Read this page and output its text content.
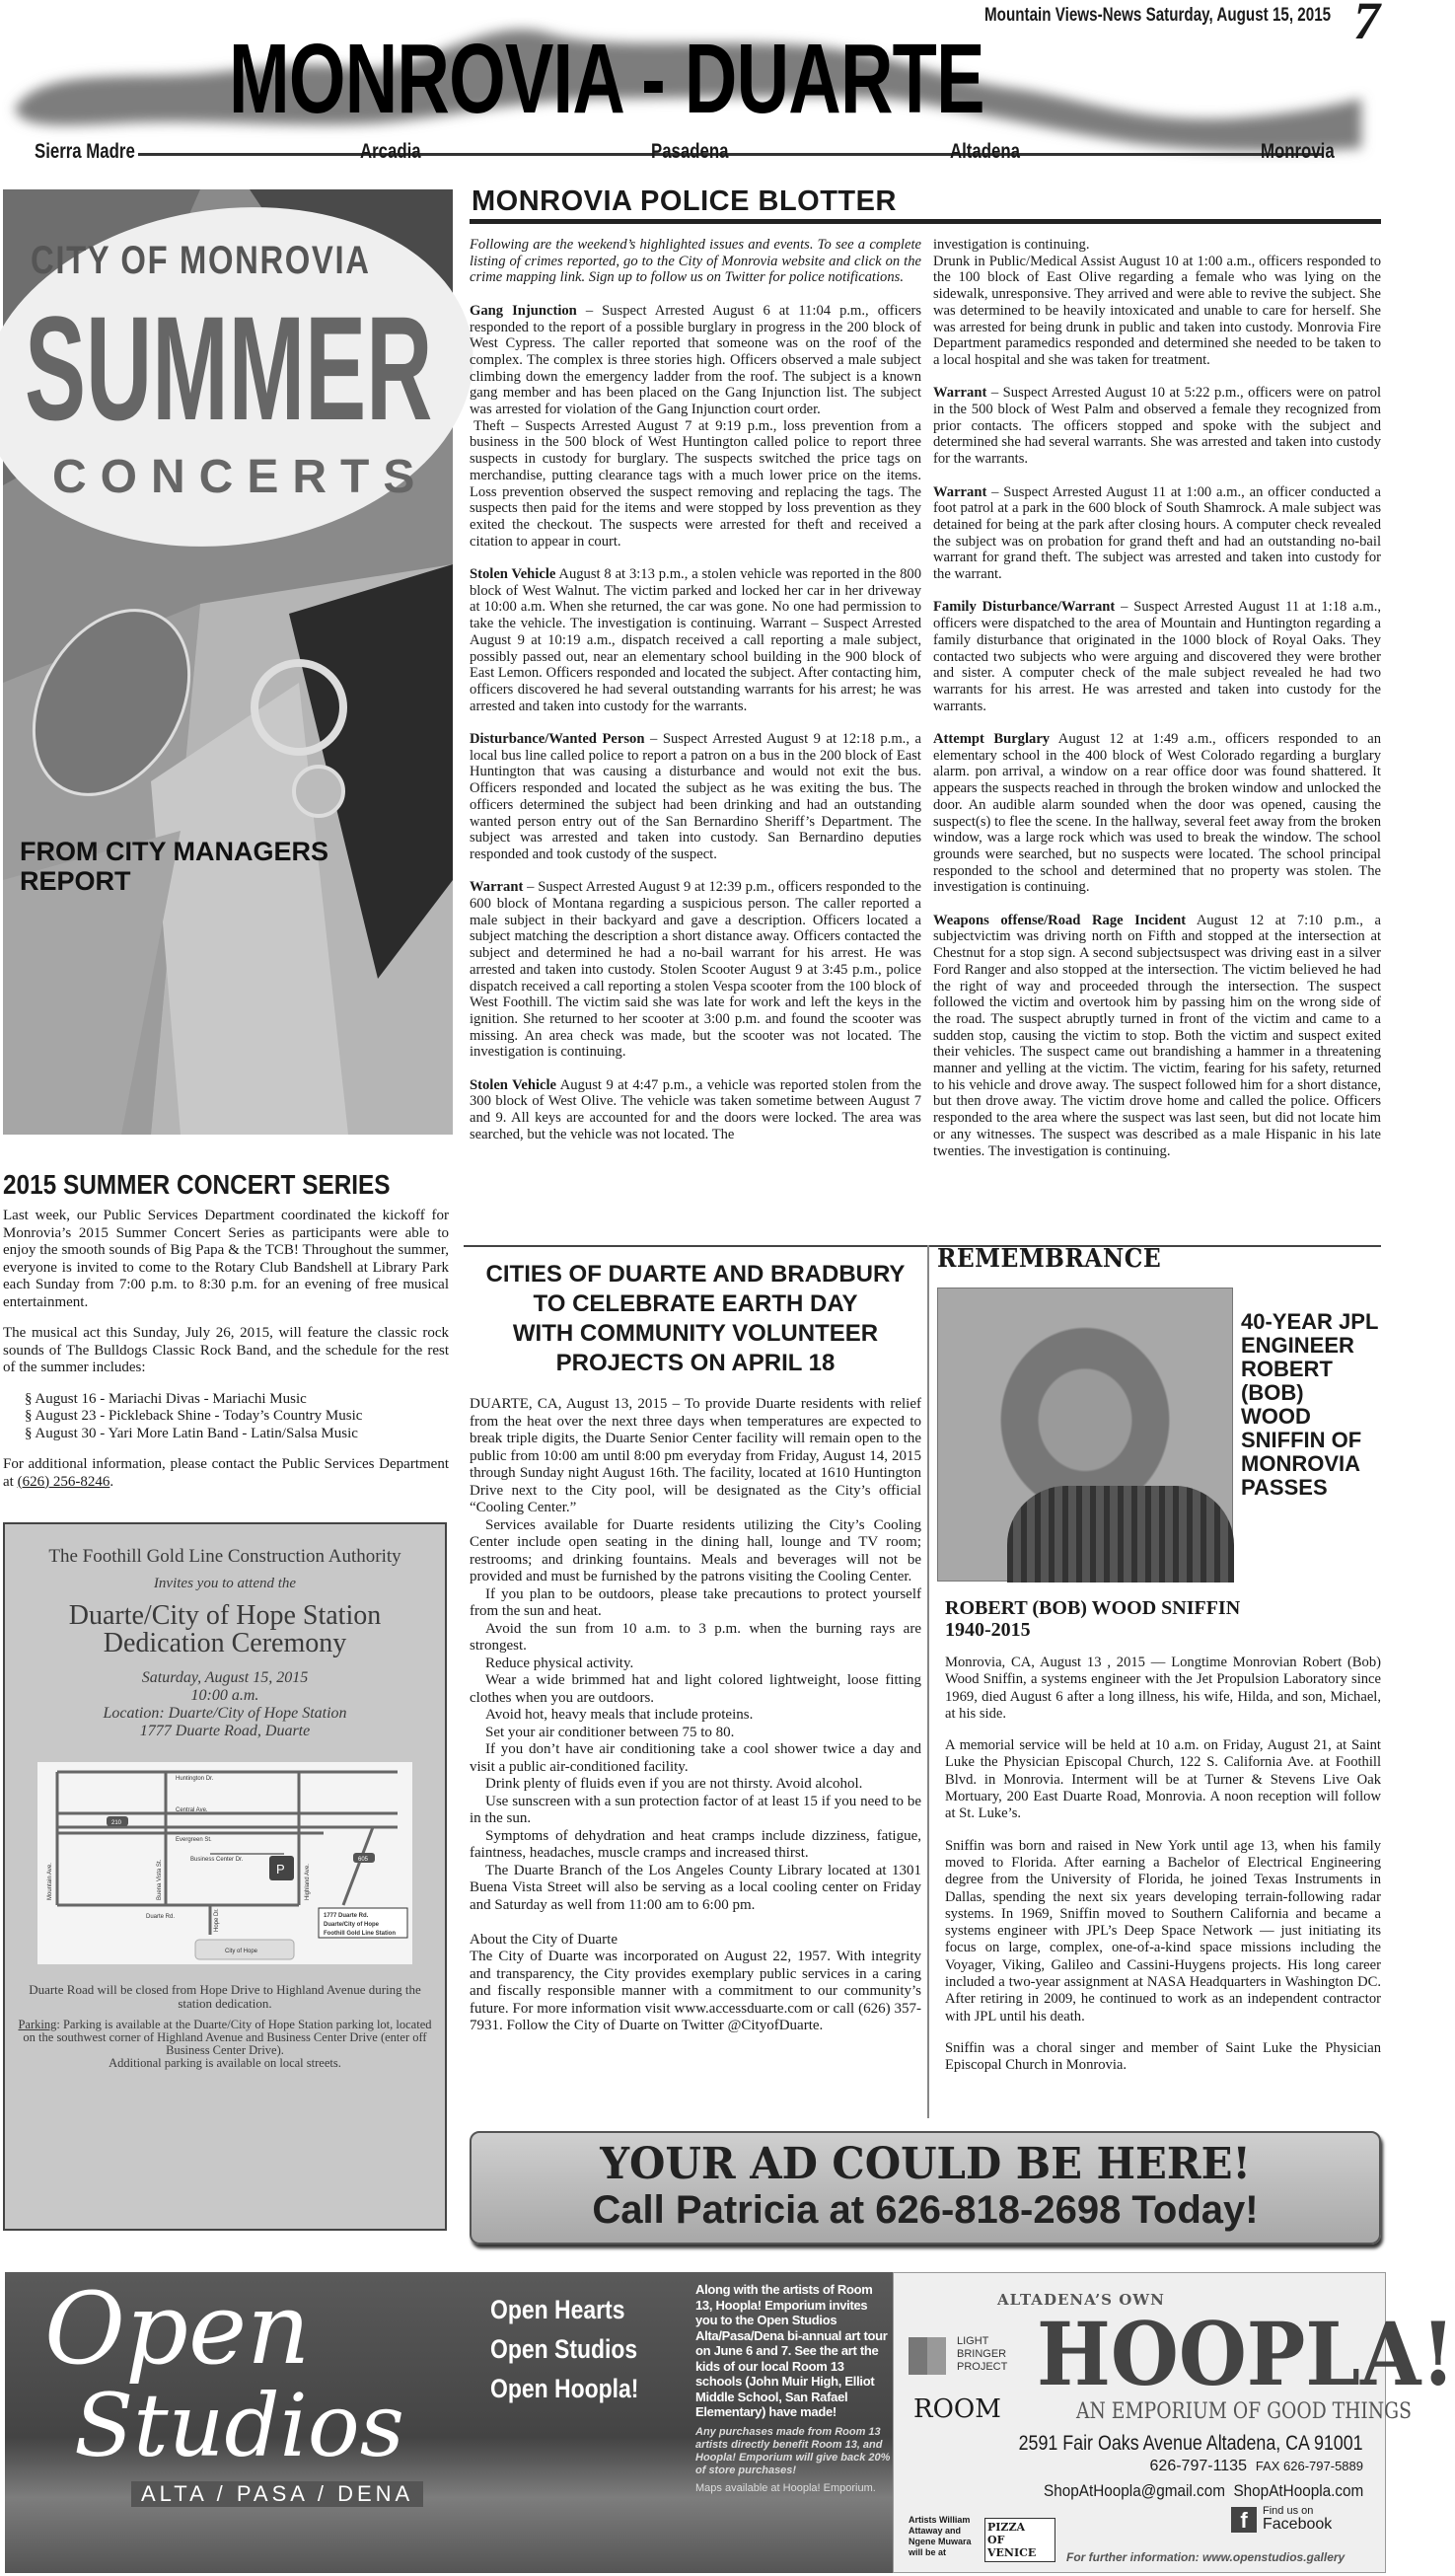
MONROVIA - DUARTE
7
Mountain Views-News Saturday, August 15, 2015
Sierra Madre	Arcadia	Pasadena	Altadena	Monrovia
CITY OF MONROVIA
SUMMER
CONCERTS
FROM CITY MANAGERS REPORT
MONROVIA POLICE BLOTTER

Following are the weekend’s highlighted issues and events. To see a complete listing of crimes reported, go to the City of Monrovia website and click on the crime mapping link. Sign up to follow us on Twitter for police notifications.

Gang Injunction – Suspect Arrested August 6 at 11:04 p.m., officers responded to the report of a possible burglary in progress in the 200 block of West Cypress. The caller reported that someone was on the roof of the complex. The complex is three stories high. Officers observed a male subject climbing down the emergency ladder from the roof. The subject is a known gang member and has been placed on the Gang Injunction list. The subject was arrested for violation of the Gang Injunction court order.

Theft – Suspects Arrested August 7 at 9:19 p.m., loss prevention from a business in the 500 block of West Huntington called police to report three suspects in custody for burglary. The suspects switched the price tags on merchandise, putting clearance tags with a much lower price on the items. Loss prevention observed the suspect removing and replacing the tags. The suspects then paid for the items and were stopped by loss prevention as they exited the checkout. The suspects were arrested for theft and received a citation to appear in court.

Stolen Vehicle August 8 at 3:13 p.m., a stolen vehicle was reported in the 800 block of West Walnut. The victim parked and locked her car in her driveway at 10:00 a.m. When she returned, the car was gone. No one had permission to take the vehicle. The investigation is continuing. Warrant – Suspect Arrested August 9 at 10:19 a.m., dispatch received a call reporting a male subject, possibly passed out, near an elementary school building in the 900 block of East Lemon. Officers responded and located the subject. After contacting him, officers discovered he had several outstanding warrants for his arrest; he was arrested and taken into custody for the warrants.

Disturbance/Wanted Person – Suspect Arrested August 9 at 12:18 p.m., a local bus line called police to report a patron on a bus in the 200 block of East Huntington that was causing a disturbance and would not exit the bus. Officers responded and located the subject as he was exiting the bus. The officers determined the subject had been drinking and had an outstanding wanted person entry out of the San Bernardino Sheriff’s Department. The subject was arrested and taken into custody. San Bernardino deputies responded and took custody of the suspect.

Warrant – Suspect Arrested August 9 at 12:39 p.m., officers responded to the 600 block of Montana regarding a suspicious person. The caller reported a male subject in their backyard and gave a description. Officers located a subject matching the description a short distance away. Officers contacted the subject and determined he had a no-bail warrant for his arrest. He was arrested and taken into custody. Stolen Scooter August 9 at 3:45 p.m., police dispatch received a call reporting a stolen Vespa scooter from the 100 block of West Foothill. The victim said she was late for work and left the keys in the ignition. She returned to her scooter at 3:00 p.m. and found the scooter was missing. An area check was made, but the scooter was not located. The investigation is continuing.

Stolen Vehicle August 9 at 4:47 p.m., a vehicle was reported stolen from the 300 block of West Olive. The vehicle was taken sometime between August 7 and 9. All keys are accounted for and the doors were locked. The area was searched, but the vehicle was not located. The

investigation is continuing.

Drunk in Public/Medical Assist August 10 at 1:00 a.m., officers responded to the 100 block of East Olive regarding a female who was lying on the sidewalk, unresponsive. They arrived and were able to revive the subject. She was determined to be heavily intoxicated and unable to care for herself. She was arrested for being drunk in public and taken into custody. Monrovia Fire Department paramedics responded and determined she needed to be taken to a local hospital and she was taken for treatment.

Warrant – Suspect Arrested August 10 at 5:22 p.m., officers were on patrol in the 500 block of West Palm and observed a female they recognized from prior contacts. The officers stopped and spoke with the subject and determined she had several warrants. She was arrested and taken into custody for the warrants.

Warrant – Suspect Arrested August 11 at 1:00 a.m., an officer conducted a foot patrol at a park in the 600 block of South Shamrock. A male subject was detained for being at the park after closing hours. A computer check revealed the subject was on probation for grand theft and had an outstanding no-bail warrant for grand theft. The subject was arrested and taken into custody for the warrant.

Family Disturbance/Warrant – Suspect Arrested August 11 at 1:18 a.m., officers were dispatched to the area of Mountain and Huntington regarding a family disturbance that originated in the 1000 block of Royal Oaks. They contacted two subjects who were arguing and discovered they were brother and sister. A computer check of the male subject revealed he had two warrants for his arrest. He was arrested and taken into custody for the warrants.

Attempt Burglary August 12 at 1:49 a.m., officers responded to an elementary school in the 400 block of West Colorado regarding a burglary alarm. pon arrival, a window on a rear office door was found shattered. It appears the suspects reached in through the broken window and unlocked the door. An audible alarm sounded when the door was opened, causing the suspect(s) to flee the scene. In the hallway, several feet away from the broken window, was a large rock which was used to break the window. The school grounds were searched, but no suspects were located. The school principal responded to the school and determined that no property was stolen. The investigation is continuing.

Weapons offense/Road Rage Incident August 12 at 7:10 p.m., a subjectvictim was driving north on Fifth and stopped at the intersection at Chestnut for a stop sign. A second subjectsuspect was driving east in a silver Ford Ranger and also stopped at the intersection. The victim believed he had the right of way and proceeded through the intersection. The suspect followed the victim and overtook him by passing him on the wrong side of the road. The suspect abruptly turned in front of the victim and came to a sudden stop, causing the victim to stop. Both the victim and suspect exited their vehicles. The suspect came out brandishing a hammer in a threatening manner and yelling at the victim. The victim, fearing for his safety, returned to his vehicle and drove away. The suspect followed him for a short distance, but then drove away. The victim drove home and called the police. Officers responded to the area where the suspect was last seen, but did not locate him or any witnesses. The suspect was described as a male Hispanic in his late twenties. The investigation is continuing.

2015 SUMMER CONCERT SERIES

Last week, our Public Services Department coordinated the kickoff for Monrovia’s 2015 Summer Concert Series as participants were able to enjoy the smooth sounds of Big Papa & the TCB! Throughout the summer, everyone is invited to come to the Rotary Club Bandshell at Library Park each Sunday from 7:00 p.m. to 8:30 p.m. for an evening of free musical entertainment.

The musical act this Sunday, July 26, 2015, will feature the classic rock sounds of The Bulldogs Classic Rock Band, and the schedule for the rest of the summer includes:

§ August 16 - Mariachi Divas - Mariachi Music
§ August 23 - Pickleback Shine - Today’s Country Music
§ August 30 - Yari More Latin Band - Latin/Salsa Music

For additional information, please contact the Public Services Department at (626) 256-8246.

The Foothill Gold Line Construction Authority
Invites you to attend the
Duarte/City of Hope Station
Dedication Ceremony
Saturday, August 15, 2015
10:00 a.m.
Location: Duarte/City of Hope Station
1777 Duarte Road, Duarte
Huntington Dr.
Central Ave.
Evergreen St.
Business Center Dr.
Mountain Ave.	Buena Vista St.	Highland Ave.
Duarte Rd.	Hope Dr.
210
605
P
1777 Duarte Rd.
Duarte/City of Hope
Foothill Gold Line Station
City of Hope
Duarte Road will be closed from Hope Drive to Highland Avenue during the station dedication.
Parking: Parking is available at the Duarte/City of Hope Station parking lot, located on the southwest corner of Highland Avenue and Business Center Drive (enter off Business Center Drive).
Additional parking is available on local streets.
CITIES OF DUARTE AND BRADBURY
TO CELEBRATE EARTH DAY
WITH COMMUNITY VOLUNTEER
PROJECTS ON APRIL 18

DUARTE, CA, August 13, 2015 – To provide Duarte residents with relief from the heat over the next three days when temperatures are expected to break triple digits, the Duarte Senior Center facility will remain open to the public from 10:00 am until 8:00 pm everyday from Friday, August 14, 2015 through Sunday night August 16th. The facility, located at 1610 Huntington Drive next to the City pool, will be designated as the City’s official “Cooling Center.”

Services available for Duarte residents utilizing the City’s Cooling Center include open seating in the dining hall, lounge and TV room; restrooms; and drinking fountains. Meals and beverages will not be provided and must be furnished by the patrons visiting the Cooling Center.

If you plan to be outdoors, please take precautions to protect yourself from the sun and heat.

Avoid the sun from 10 a.m. to 3 p.m. when the burning rays are strongest.

Reduce physical activity.

Wear a wide brimmed hat and light colored lightweight, loose fitting clothes when you are outdoors.

Avoid hot, heavy meals that include proteins.

Set your air conditioner between 75 to 80.

If you don’t have air conditioning take a cool shower twice a day and visit a public air-conditioned facility.

Drink plenty of fluids even if you are not thirsty. Avoid alcohol.

Use sunscreen with a sun protection factor of at least 15 if you need to be in the sun.

Symptoms of dehydration and heat cramps include dizziness, fatigue, faintness, headaches, muscle cramps and increased thirst.

The Duarte Branch of the Los Angeles County Library located at 1301 Buena Vista Street will also be serving as a local cooling center on Friday and Saturday as well from 11:00 am to 6:00 pm.

About the City of Duarte

The City of Duarte was incorporated on August 22, 1957. With integrity and transparency, the City provides exemplary public services in a caring and fiscally responsible manner with a commitment to our community’s future. For more information visit www.accessduarte.com or call (626) 357-7931. Follow the City of Duarte on Twitter @CityofDuarte.

REMEMBRANCE
40-YEAR JPL
ENGINEER
ROBERT
(BOB)
WOOD
SNIFFIN OF
MONROVIA
PASSES
ROBERT (BOB) WOOD SNIFFIN
1940-2015

Monrovia, CA, August 13 , 2015 — Longtime Monrovian Robert (Bob) Wood Sniffin, a systems engineer with the Jet Propulsion Laboratory since 1969, died August 6 after a long illness, his wife, Hilda, and son, Michael, at his side.

A memorial service will be held at 10 a.m. on Friday, August 21, at Saint Luke the Physician Episcopal Church, 122 S. California Ave. at Foothill Blvd. in Monrovia. Interment will be at Turner & Stevens Live Oak Mortuary, 200 East Duarte Road, Monrovia. A noon reception will follow at St. Luke’s.

Sniffin was born and raised in New York until age 13, when his family moved to Florida. After earning a Bachelor of Electrical Engineering degree from the University of Florida, he joined Texas Instruments in Dallas, spending the next six years developing terrain-following radar systems. In 1969, Sniffin moved to Southern California and became a systems engineer with JPL’s Deep Space Network — just initiating its focus on large, complex, one-of-a-kind space missions including the Voyager, Viking, Galileo and Cassini-Huygens projects. His long career included a two-year assignment at NASA Headquarters in Washington DC. After retiring in 2009, he continued to work as an independent contractor with JPL until his death.

Sniffin was a choral singer and member of Saint Luke the Physician Episcopal Church in Monrovia.

YOUR AD COULD BE HERE!
Call Patricia at 626-818-2698 Today!
Open
Studios
ALTA / PASA / DENA
Open Hearts
Open Studios
Open Hoopla!
Along with the artists of Room 13, Hoopla! Emporium invites you to the Open Studios Alta/Pasa/Dena bi-annual art tour on June 6 and 7. See the art the kids of our local Room 13 schools (John Muir High, Elliot Middle School, San Rafael Elementary) have made!
Any purchases made from Room 13 artists directly benefit Room 13, and Hoopla! Emporium will give back 20% of store purchases!
Maps available at Hoopla! Emporium.
ALTADENA’S OWN
HOOPLA!
AN EMPORIUM OF GOOD THINGS
LIGHT
BRINGER
PROJECT
ROOM
2591 Fair Oaks Avenue Altadena, CA 91001
626-797-1135 FAX 626-797-5889
ShopAtHoopla@gmail.com ShopAtHoopla.com
f	Find us on
Facebook
Artists William Attaway and Ngene Muwara will be at
PIZZA
OF
VENICE	For further information: www.openstudios.gallery
